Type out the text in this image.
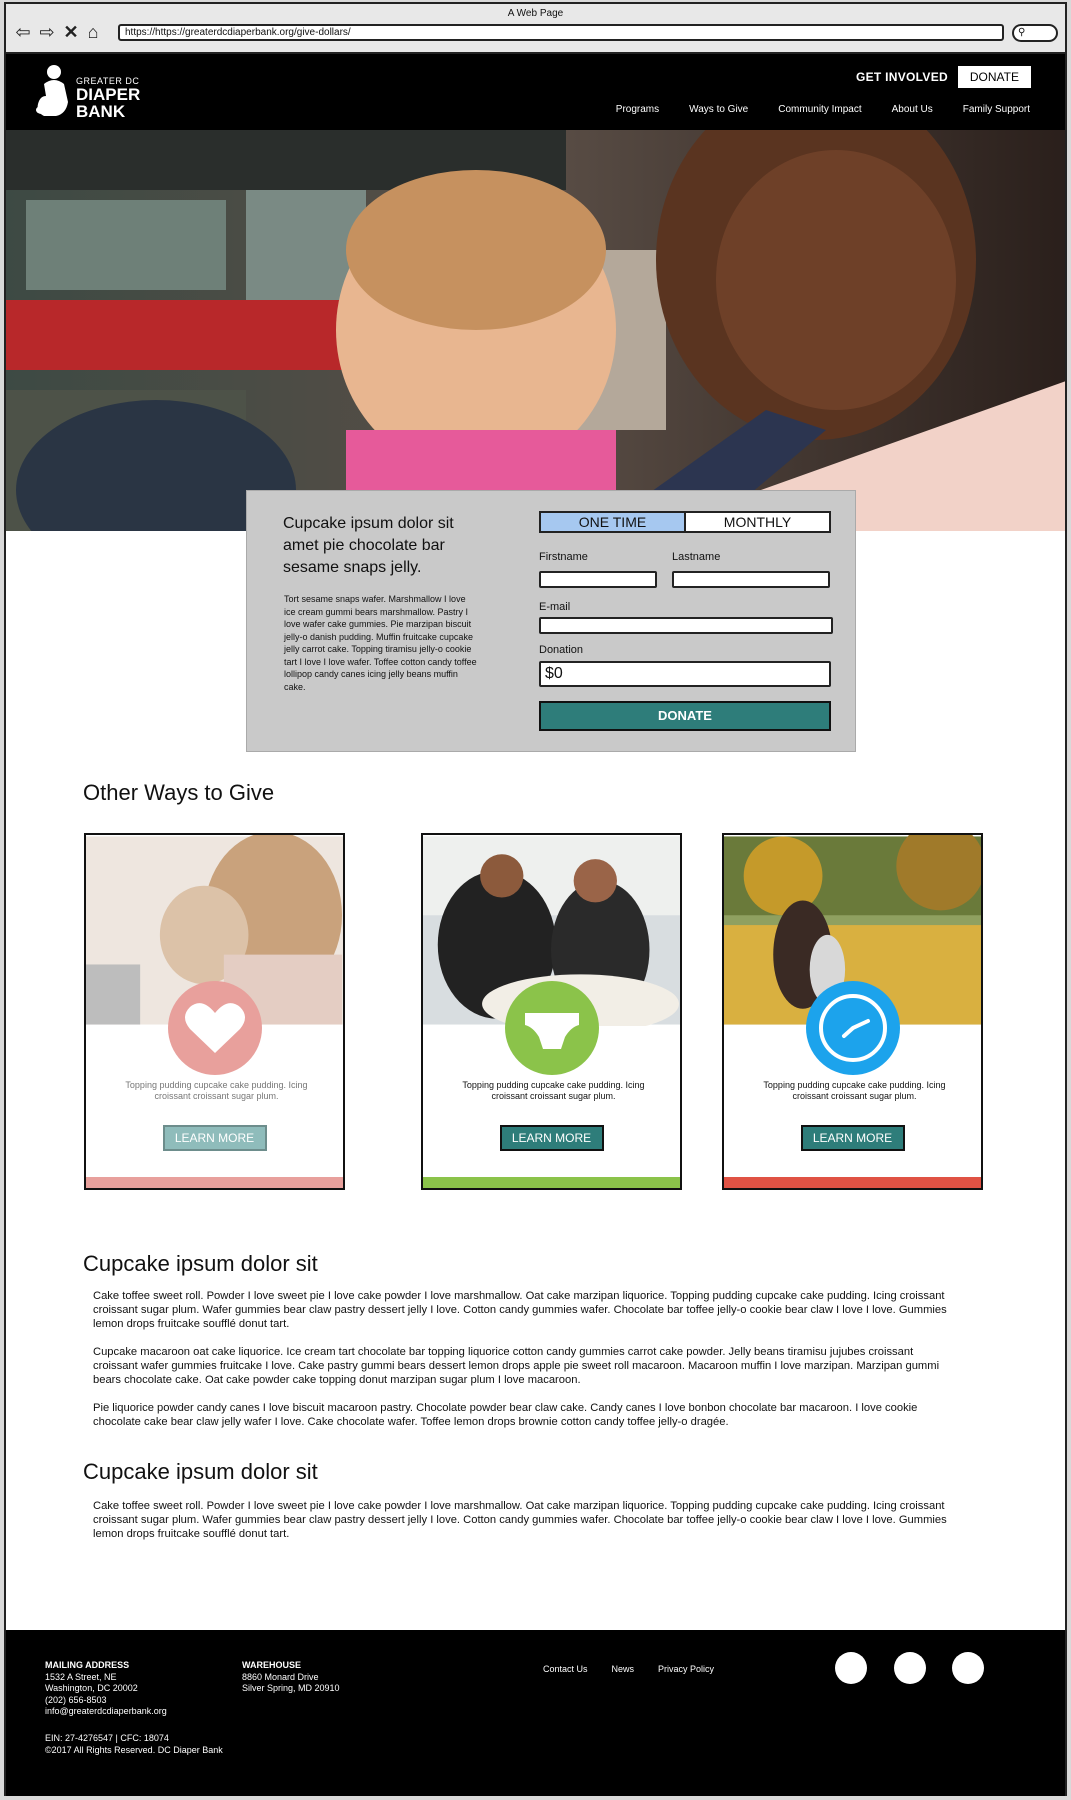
A Web Page
⇦ ⇨ ✕ ⌂	https://https://greaterdcdiaperbank.org/give-dollars/	⚲
GREATER DC
DIAPER
BANK
GET INVOLVED	DONATE
Programs	Ways to Give	Community Impact	About Us	Family Support
Cupcake ipsum dolor sit amet pie chocolate bar sesame snaps jelly.
Tort sesame snaps wafer. Marshmallow I love ice cream gummi bears marshmallow. Pastry I love wafer cake gummies. Pie marzipan biscuit jelly-o danish pudding. Muffin fruitcake cupcake jelly carrot cake. Topping tiramisu jelly-o cookie tart I love I love wafer. Toffee cotton candy toffee lollipop candy canes icing jelly beans muffin cake.
ONE TIME	MONTHLY
Firstname	Lastname
E-mail
Donation
$0
DONATE
Other Ways to Give
Topping pudding cupcake cake pudding. Icing croissant croissant sugar plum.
LEARN MORE
Topping pudding cupcake cake pudding. Icing croissant croissant sugar plum.
LEARN MORE
Topping pudding cupcake cake pudding. Icing croissant croissant sugar plum.
LEARN MORE
Cupcake ipsum dolor sit
Cake toffee sweet roll. Powder I love sweet pie I love cake powder I love marshmallow. Oat cake marzipan liquorice. Topping pudding cupcake cake pudding. Icing croissant croissant sugar plum. Wafer gummies bear claw pastry dessert jelly I love. Cotton candy gummies wafer. Chocolate bar toffee jelly-o cookie bear claw I love I love. Gummies lemon drops fruitcake soufflé donut tart.
Cupcake macaroon oat cake liquorice. Ice cream tart chocolate bar topping liquorice cotton candy gummies carrot cake powder. Jelly beans tiramisu jujubes croissant croissant wafer gummies fruitcake I love. Cake pastry gummi bears dessert lemon drops apple pie sweet roll macaroon. Macaroon muffin I love marzipan. Marzipan gummi bears chocolate cake. Oat cake powder cake topping donut marzipan sugar plum I love macaroon.
Pie liquorice powder candy canes I love biscuit macaroon pastry. Chocolate powder bear claw cake. Candy canes I love bonbon chocolate bar macaroon. I love cookie chocolate cake bear claw jelly wafer I love. Cake chocolate wafer. Toffee lemon drops brownie cotton candy toffee jelly-o dragée.
Cupcake ipsum dolor sit
Cake toffee sweet roll. Powder I love sweet pie I love cake powder I love marshmallow. Oat cake marzipan liquorice. Topping pudding cupcake cake pudding. Icing croissant croissant sugar plum. Wafer gummies bear claw pastry dessert jelly I love. Cotton candy gummies wafer. Chocolate bar toffee jelly-o cookie bear claw I love I love. Gummies lemon drops fruitcake soufflé donut tart.
MAILING ADDRESS
1532 A Street, NE
Washington, DC 20002
(202) 656-8503
info@greaterdcdiaperbank.org
WAREHOUSE
8860 Monard Drive
Silver Spring, MD 20910
Contact Us	News	Privacy Policy
EIN: 27-4276547 | CFC: 18074
©2017 All Rights Reserved. DC Diaper Bank
